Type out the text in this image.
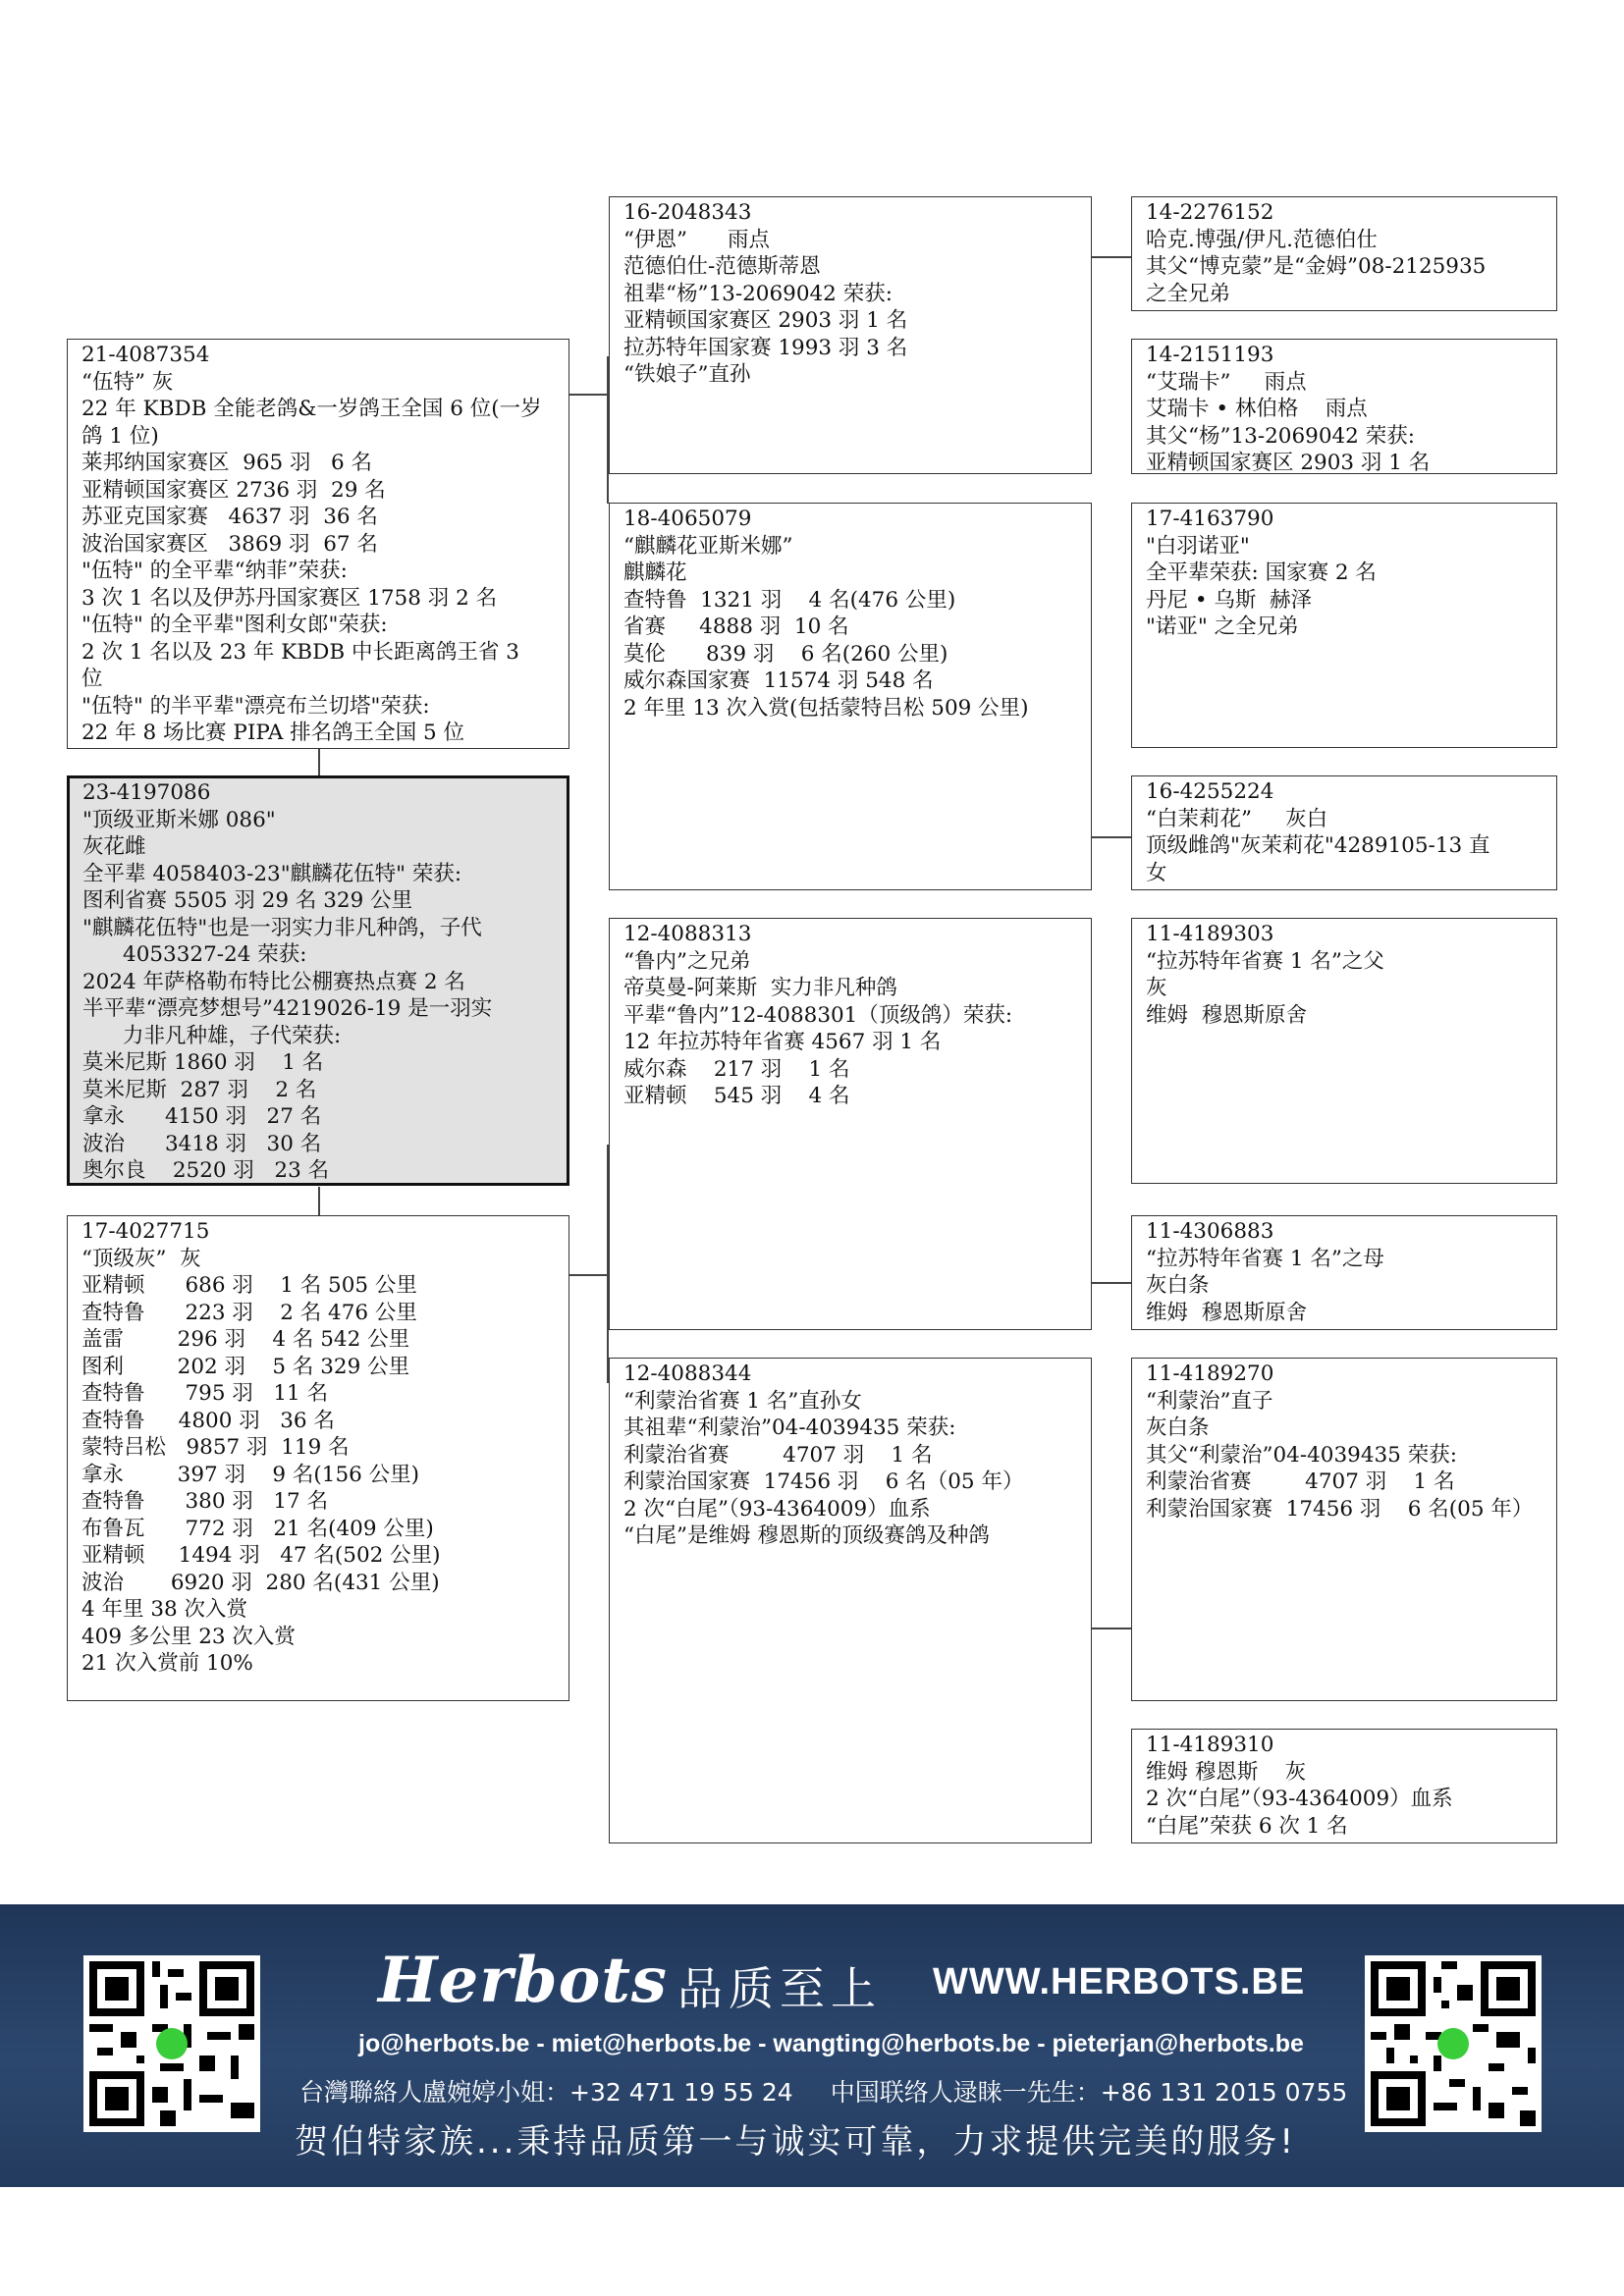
21-4087354
“伍特” 灰
22 年 KBDB 全能老鸽&一岁鸽王全国 6 位(一岁
鸽 1 位)
莱邦纳国家赛区  965 羽   6 名
亚精顿国家赛区 2736 羽  29 名
苏亚克国家赛   4637 羽  36 名
波治国家赛区   3869 羽  67 名
"伍特" 的全平辈“纳菲”荣获:
3 次 1 名以及伊苏丹国家赛区 1758 羽 2 名
"伍特" 的全平辈"图利女郎"荣获:
2 次 1 名以及 23 年 KBDB 中长距离鸽王省 3
位
"伍特" 的半平辈"漂亮布兰切塔"荣获:
22 年 8 场比赛 PIPA 排名鸽王全国 5 位
23-4197086
"顶级亚斯米娜 086"
灰花雌
全平辈 4058403-23"麒麟花伍特" 荣获:
图利省赛 5505 羽 29 名 329 公里
"麒麟花伍特"也是一羽实力非凡种鸽，子代
4053327-24 荣获:
2024 年萨格勒布特比公棚赛热点赛 2 名
半平辈“漂亮梦想号”4219026-19 是一羽实
力非凡种雄，子代荣获:
莫米尼斯 1860 羽    1 名
莫米尼斯  287 羽    2 名
拿永      4150 羽   27 名
波治      3418 羽   30 名
奥尔良    2520 羽   23 名
17-4027715
“顶级灰”  灰
亚精顿      686 羽    1 名 505 公里
查特鲁      223 羽    2 名 476 公里
盖雷        296 羽    4 名 542 公里
图利        202 羽    5 名 329 公里
查特鲁      795 羽   11 名
查特鲁     4800 羽   36 名
蒙特吕松   9857 羽  119 名
拿永        397 羽    9 名(156 公里)
查特鲁      380 羽   17 名
布鲁瓦      772 羽   21 名(409 公里)
亚精顿     1494 羽   47 名(502 公里)
波治       6920 羽  280 名(431 公里)
4 年里 38 次入赏
409 多公里 23 次入赏
21 次入赏前 10%
16-2048343
“伊恩”      雨点
范德伯仕-范德斯蒂恩
祖辈“杨”13-2069042 荣获:
亚精顿国家赛区 2903 羽 1 名
拉苏特年国家赛 1993 羽 3 名
“铁娘子”直孙
18-4065079
“麒麟花亚斯米娜”
麒麟花
查特鲁  1321 羽    4 名(476 公里)
省赛     4888 羽  10 名
莫伦      839 羽    6 名(260 公里)
威尔森国家赛  11574 羽 548 名
2 年里 13 次入赏(包括蒙特吕松 509 公里)
12-4088313
“鲁内”之兄弟
帝莫曼-阿莱斯  实力非凡种鸽
平辈“鲁内”12-4088301（顶级鸽）荣获:
12 年拉苏特年省赛 4567 羽 1 名
威尔森    217 羽    1 名
亚精顿    545 羽    4 名
12-4088344
“利蒙治省赛 1 名”直孙女
其祖辈“利蒙治”04-4039435 荣获:
利蒙治省赛        4707 羽    1 名
利蒙治国家赛  17456 羽    6 名（05 年）
2 次“白尾”（93-4364009）血系
“白尾”是维姆 穆恩斯的顶级赛鸽及种鸽
14-2276152
哈克.博强/伊凡.范德伯仕
其父“博克蒙”是“金姆”08-2125935
之全兄弟
14-2151193
“艾瑞卡”     雨点
艾瑞卡 • 林伯格    雨点
其父“杨”13-2069042 荣获:
亚精顿国家赛区 2903 羽 1 名
17-4163790
"白羽诺亚"
全平辈荣获: 国家赛 2 名
丹尼 • 乌斯  赫泽
"诺亚" 之全兄弟
16-4255224
“白茉莉花”     灰白
顶级雌鸽"灰茉莉花"4289105-13 直
女
11-4189303
“拉苏特年省赛 1 名”之父
灰
维姆  穆恩斯原舍
11-4306883
“拉苏特年省赛 1 名”之母
灰白条
维姆  穆恩斯原舍
11-4189270
“利蒙治”直子
灰白条
其父“利蒙治”04-4039435 荣获:
利蒙治省赛        4707 羽    1 名
利蒙治国家赛  17456 羽    6 名(05 年）
11-4189310
维姆 穆恩斯    灰
2 次“白尾”（93-4364009）血系
“白尾”荣获 6 次 1 名
Herbots 品质至上 WWW.HERBOTS.BE
jo@herbots.be - miet@herbots.be - wangting@herbots.be - pieterjan@herbots.be
台灣聯絡人盧婉婷小姐：+32 471 19 55 24 中国联络人逯睐一先生：+86 131 2015 0755
贺伯特家族...秉持品质第一与诚实可靠，力求提供完美的服务!
